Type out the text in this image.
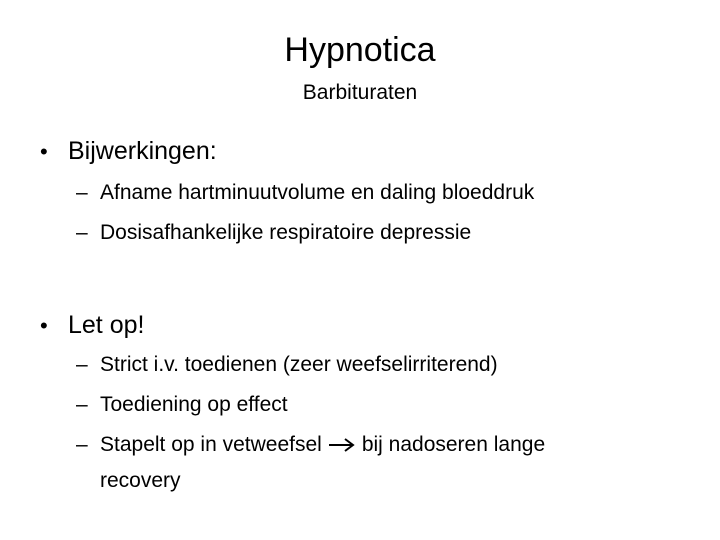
Hypnotica
Barbituraten
• Bijwerkingen:
– Afname hartminuutvolume en daling bloeddruk
– Dosisafhankelijke respiratoire depressie
• Let op!
– Strict i.v. toedienen (zeer weefselirriterend)
– Toediening op effect
– Stapelt op in vetweefsel bij nadoseren lange
recovery
